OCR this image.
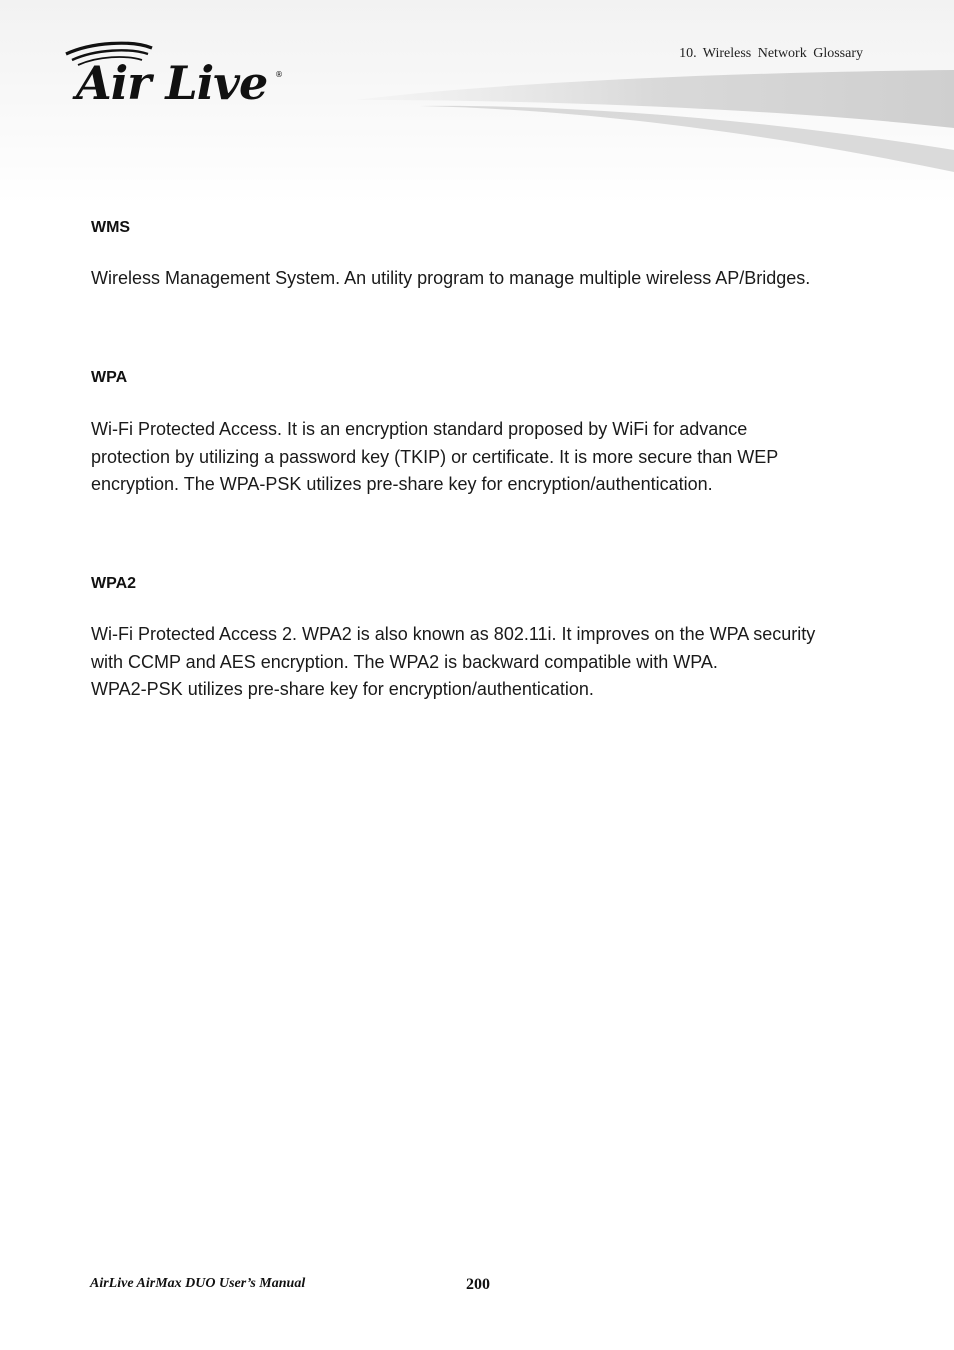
Air Live ®
10. Wireless Network Glossary
WMS
Wireless Management System. An utility program to manage multiple wireless AP/Bridges.
WPA
Wi-Fi Protected Access. It is an encryption standard proposed by WiFi for advance
protection by utilizing a password key (TKIP) or certificate. It is more secure than WEP
encryption. The WPA-PSK utilizes pre-share key for encryption/authentication.
WPA2
Wi-Fi Protected Access 2. WPA2 is also known as 802.11i. It improves on the WPA security
with CCMP and AES encryption. The WPA2 is backward compatible with WPA.
WPA2-PSK utilizes pre-share key for encryption/authentication.
AirLive AirMax DUO User’s Manual	200
